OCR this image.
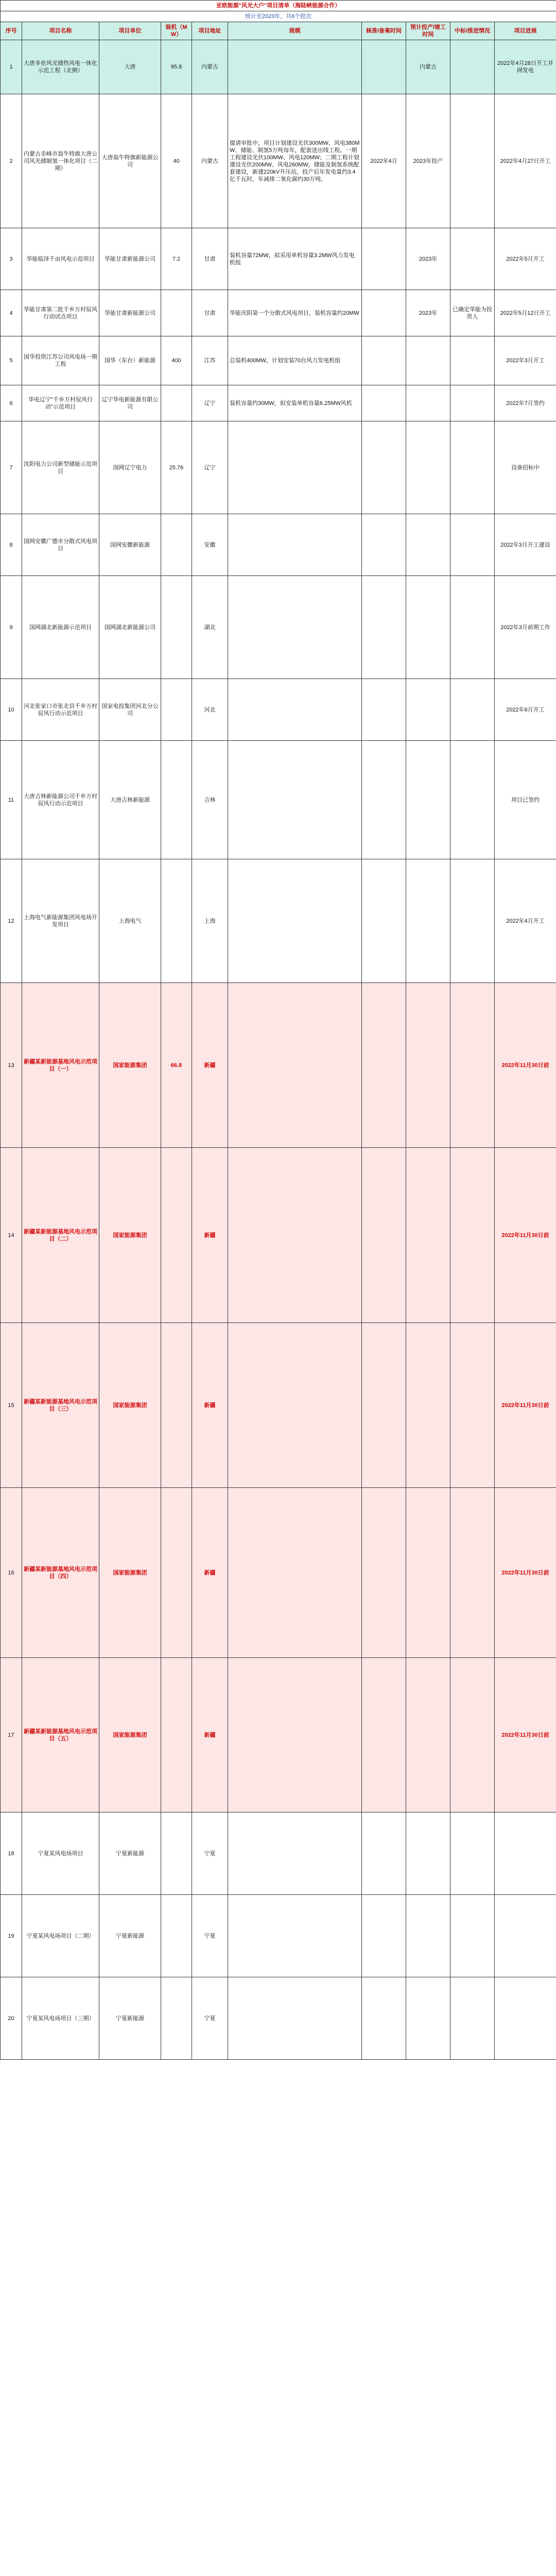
亚欧能源"风光大户"项目清单（海陆峡能源合作）									
统计至2023年，共6个批次									
序号	项目名称	项目单位	装机（MW）	项目地址	规模	核准/备案时间	预计投产/竣工时间	中标/推进情况	项目进展
1	大唐多伦风光储热风电一体化示范工程（北侧）	大唐	95.8	内蒙古			内蒙古		2022年4月28日开工并网发电
2	内蒙古赤峰市翁牛特旗大唐公司风光储制氢一体化项目（二期）	大唐翁牛特旗新能源公司	40	内蒙古	提请审批中，项目计划建设光伏300MW、风电380MW、储能、制氢5万吨每年，配套进出线工程。一期工程建设光伏100MW、风电120MW；二期工程计划建设光伏200MW、风电260MW，储能及制氢系统配套建设，新建220kV升压站，投产后年发电量约3.4亿千瓦时，年减排二氧化碳约30万吨。	2022年4月	2023年投产		2022年4月27日开工
3	华能临泽千亩风电示范项目	华能甘肃新能源公司	7.2	甘肃	装机容量72MW，拟采用单机容量3.2MW风力发电机组		2023年		2022年5月开工
4	华能甘肃第二批千乡万村驭风行动试点项目	华能甘肃新能源公司		甘肃	华能庆阳第一个分散式风电项目，装机容量约20MW		2023年	已确定华能为投资人	2022年5月12日开工
5	国华投资江苏公司风电场一期工程	国华（东台）新能源	400	江苏	总装机400MW，计划安装70台风力发电机组				2022年3月开工
6	华电辽宁"千乡万村驭风行动"示范项目	辽宁华电新能源有限公司		辽宁	装机容量约30MW，拟安装单机容量6.25MW风机				2022年7月签约
7	沈阳电力公司新型储能示范项目	国网辽宁电力	25.76	辽宁					设备招标中
8	国网安徽广德市分散式风电项目	国网安徽新能源		安徽					2022年3月开工建设
9	国网湖北新能源示范项目	国网湖北新能源公司		湖北					2022年3月前期工作
10	河北张家口市张北县千乡万村驭风行动示范项目	国家电投集团河北分公司		河北					2022年6月开工
11	大唐吉林新能源公司千乡万村驭风行动示范项目	大唐吉林新能源		吉林					项目已签约
12	上海电气新能源集团风电场开发项目	上海电气		上海					2022年4月开工
13	新疆某新能源基地风电示范项目（一）	国家能源集团	66.8	新疆					2022年11月30日前
14	新疆某新能源基地风电示范项目（二）	国家能源集团		新疆					2022年11月30日前
15	新疆某新能源基地风电示范项目（三）	国家能源集团		新疆					2022年11月30日前
16	新疆某新能源基地风电示范项目（四）	国家能源集团		新疆					2022年11月30日前
17	新疆某新能源基地风电示范项目（五）	国家能源集团		新疆					2022年11月30日前
18	宁夏某风电场项目	宁夏新能源		宁夏					
19	宁夏某风电场项目（二期）	宁夏新能源		宁夏					
20	宁夏某风电场项目（三期）	宁夏新能源		宁夏					
